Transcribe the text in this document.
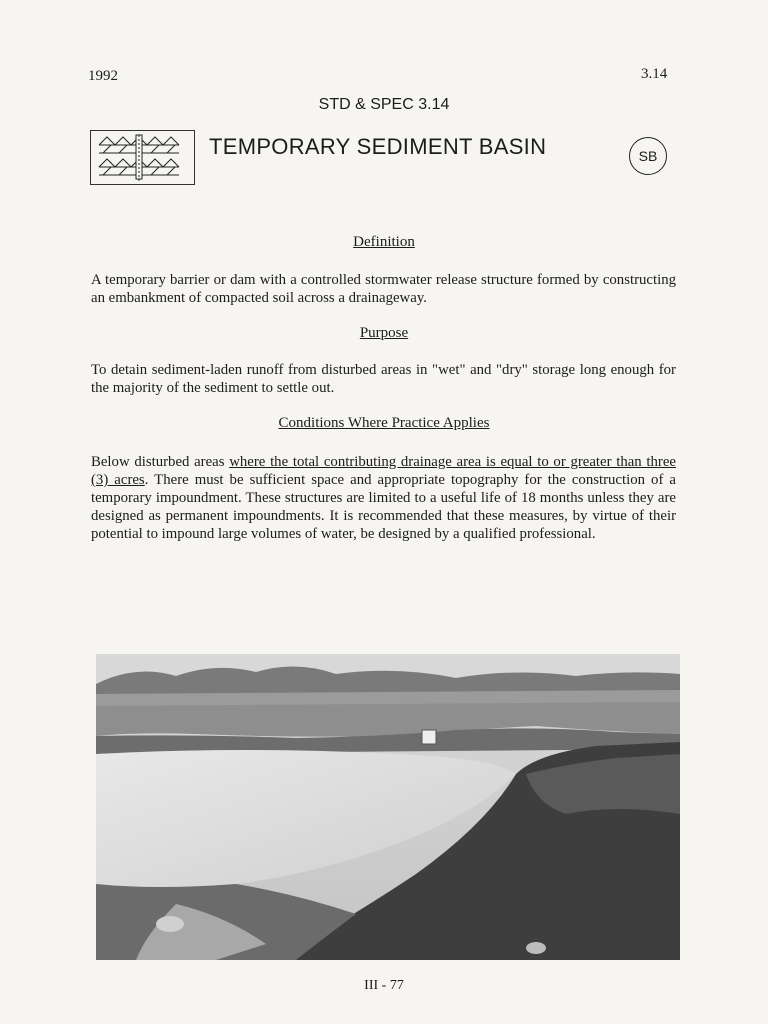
1992	3.14
STD & SPEC 3.14
TEMPORARY SEDIMENT BASIN	SB
Definition
A temporary barrier or dam with a controlled stormwater release structure formed by constructing an embankment of compacted soil across a drainageway.
Purpose
To detain sediment-laden runoff from disturbed areas in "wet" and "dry" storage long enough for the majority of the sediment to settle out.
Conditions Where Practice Applies
Below disturbed areas where the total contributing drainage area is equal to or greater than three (3) acres. There must be sufficient space and appropriate topography for the construction of a temporary impoundment. These structures are limited to a useful life of 18 months unless they are designed as permanent impoundments. It is recommended that these measures, by virtue of their potential to impound large volumes of water, be designed by a qualified professional.
III - 77
